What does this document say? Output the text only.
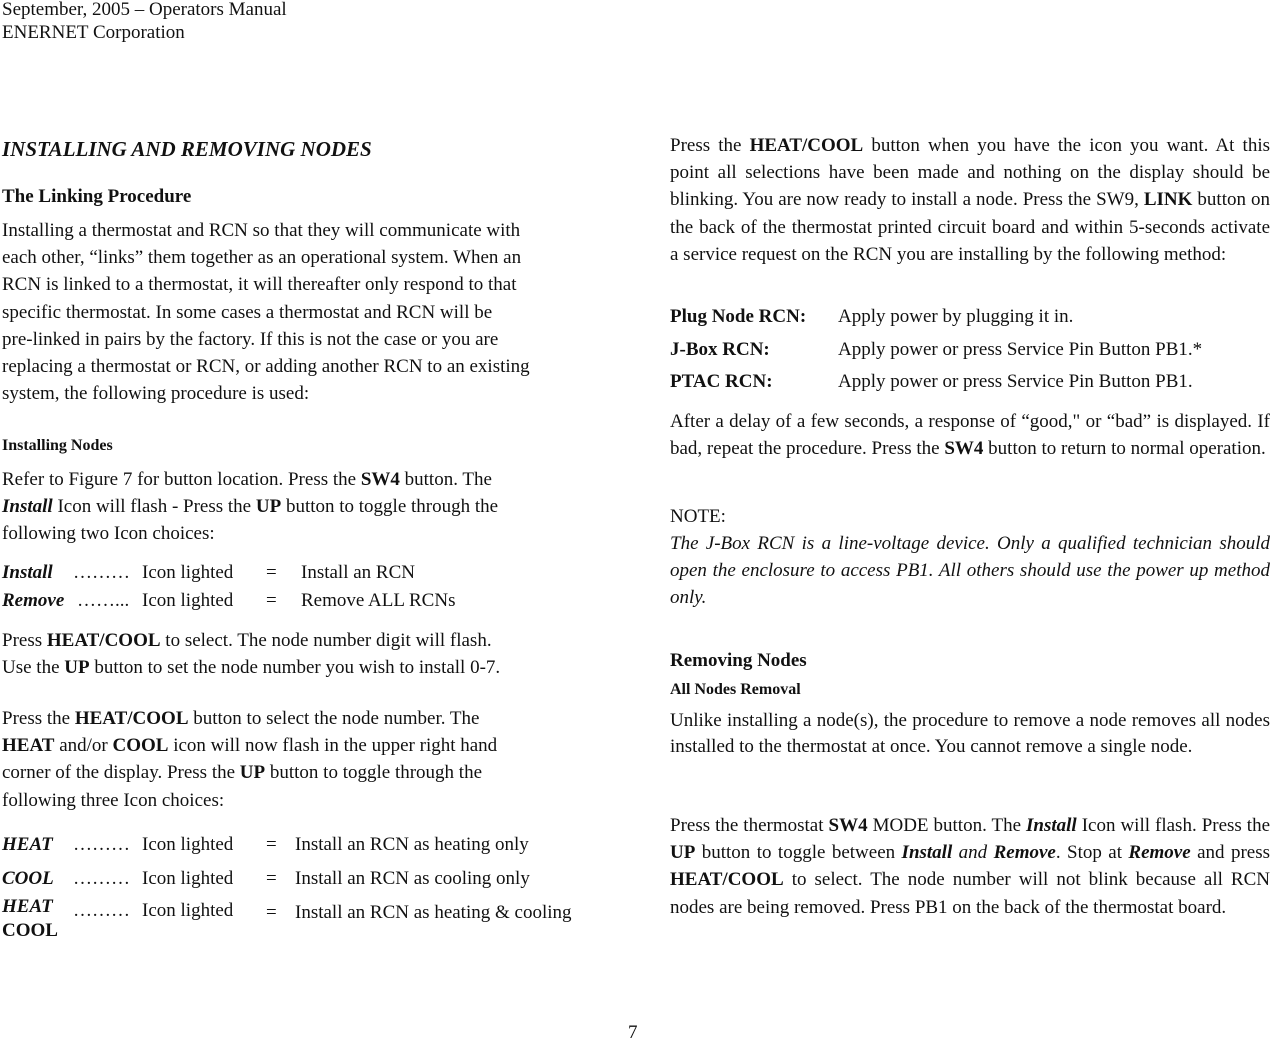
September, 2005 – Operators Manual
ENERNET Corporation
INSTALLING AND REMOVING NODES
The Linking Procedure
Installing a thermostat and RCN so that they will communicate with
each other, “links” them together as an operational system. When an
RCN is linked to a thermostat, it will thereafter only respond to that
specific thermostat. In some cases a thermostat and RCN will be
pre-linked in pairs by the factory. If this is not the case or you are
replacing a thermostat or RCN, or adding another RCN to an existing
system, the following procedure is used:
Installing Nodes
Refer to Figure 7 for button location. Press the SW4 button. The
Install Icon will flash - Press the UP button to toggle through the
following two Icon choices:
Install ……… Icon lighted = Install an RCN
Remove ……... Icon lighted = Remove ALL RCNs
Press HEAT/COOL to select. The node number digit will flash.
Use the UP button to set the node number you wish to install 0-7.
Press the HEAT/COOL button to select the node number. The
HEAT and/or COOL icon will now flash in the upper right hand
corner of the display. Press the UP button to toggle through the
following three Icon choices:
HEAT ……… Icon lighted = Install an RCN as heating only
COOL ……… Icon lighted = Install an RCN as cooling only
HEAT
COOL
……… Icon lighted = Install an RCN as heating & cooling
Press the HEAT/COOL button when you have the icon you want. At this point all selections have been made and nothing on the display should be blinking. You are now ready to install a node. Press the SW9, LINK button on the back of the thermostat printed circuit board and within 5-seconds activate a service request on the RCN you are installing by the following method:
Plug Node RCN: Apply power by plugging it in.
J-Box RCN:	Apply power or press Service Pin Button PB1.*
PTAC RCN:	Apply power or press Service Pin Button PB1.
After a delay of a few seconds, a response of “good," or “bad” is displayed. If bad, repeat the procedure. Press the SW4 button to return to normal operation.
NOTE:
The J-Box RCN is a line-voltage device. Only a qualified technician should open the enclosure to access PB1. All others should use the power up method only.
Removing Nodes
All Nodes Removal
Unlike installing a node(s), the procedure to remove a node removes all nodes installed to the thermostat at once. You cannot remove a single node.
Press the thermostat SW4 MODE button. The Install Icon will flash. Press the UP button to toggle between Install and Remove. Stop at Remove and press HEAT/COOL to select. The node number will not blink because all RCN nodes are being removed. Press PB1 on the back of the thermostat board.
7
